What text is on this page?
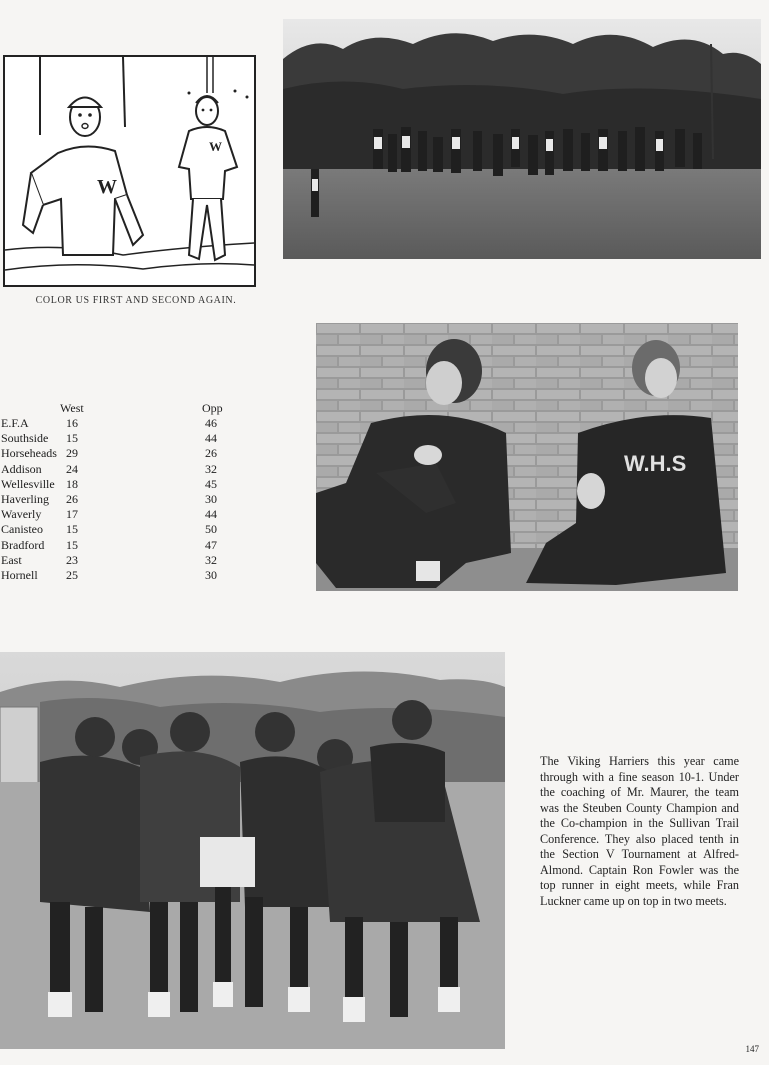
W
W
COLOR US FIRST AND SECOND AGAIN.
W.H.S
West	Opp
E.F.A	16	46
Southside 15	44
Horseheads 29	26
Addison 24	32
Wellesville 18	45
Haverling 26	30
Waverly 17	44
Canisteo 15	50
Bradford 15	47
East	23	32
Hornell 25	30
The Viking Harriers this year came through with a fine season 10-1. Under the coaching of Mr. Maurer, the team was the Steuben County Champion and the Co-champion in the Sullivan Trail Conference. They also placed tenth in the Section V Tournament at Alfred-Almond. Captain Ron Fowler was the top runner in eight meets, while Fran Luckner came up on top in two meets.
147
